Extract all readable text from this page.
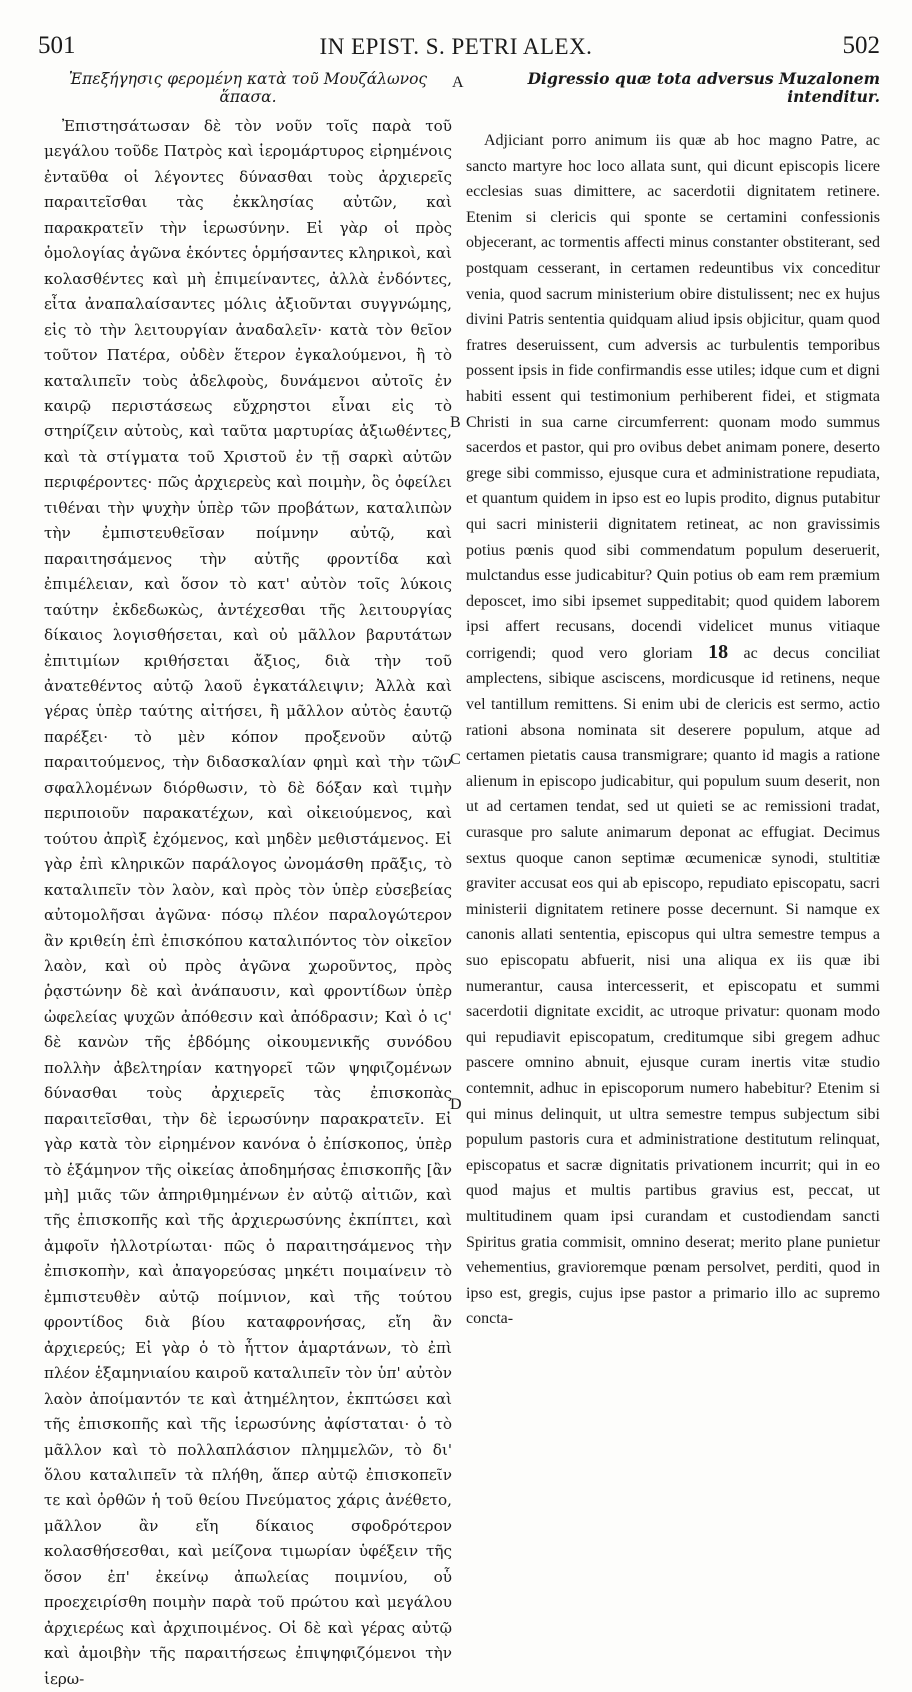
501	IN EPIST. S. PETRI ALEX.	502
A
B
C
D

Ἐπεξήγησις φερομένη κατὰ τοῦ Μουζάλωνος ἅπασα.

Ἐπιστησάτωσαν δὲ τὸν νοῦν τοῖς παρὰ τοῦ μεγάλου τοῦδε Πατρὸς καὶ ἱερομάρτυρος εἰρημένοις ἐνταῦθα οἱ λέγοντες δύνασθαι τοὺς ἀρχιερεῖς παραιτεῖσθαι τὰς ἐκκλησίας αὐτῶν, καὶ παρακρατεῖν τὴν ἱερωσύνην. Εἰ γὰρ οἱ πρὸς ὁμολογίας ἀγῶνα ἑκόντες ὁρμήσαντες κληρικοὶ, καὶ κολασθέντες καὶ μὴ ἐπιμείναντες, ἀλλὰ ἐνδόντες, εἶτα ἀναπαλαίσαντες μόλις ἀξιοῦνται συγγνώμης, εἰς τὸ τὴν λειτουργίαν ἀναδαλεῖν· κατὰ τὸν θεῖον τοῦτον Πατέρα, οὐδὲν ἕτερον ἐγκαλούμενοι, ἢ τὸ καταλιπεῖν τοὺς ἀδελφοὺς, δυνάμενοι αὐτοῖς ἐν καιρῷ περιστάσεως εὔχρηστοι εἶναι εἰς τὸ στηρίζειν αὐτοὺς, καὶ ταῦτα μαρτυρίας ἀξιωθέντες, καὶ τὰ στίγματα τοῦ Χριστοῦ ἐν τῇ σαρκὶ αὐτῶν περιφέροντες· πῶς ἀρχιερεὺς καὶ ποιμὴν, ὃς ὀφείλει τιθέναι τὴν ψυχὴν ὑπὲρ τῶν προβάτων, καταλιπὼν τὴν ἐμπιστευθεῖσαν ποίμνην αὐτῷ, καὶ παραιτησάμενος τὴν αὐτῆς φροντίδα καὶ ἐπιμέλειαν, καὶ ὅσον τὸ κατ' αὐτὸν τοῖς λύκοις ταύτην ἐκδεδωκὼς, ἀντέχεσθαι τῆς λειτουργίας δίκαιος λογισθήσεται, καὶ οὐ μᾶλλον βαρυτάτων ἐπιτιμίων κριθήσεται ἄξιος, διὰ τὴν τοῦ ἀνατεθέντος αὐτῷ λαοῦ ἐγκατάλειψιν; Ἀλλὰ καὶ γέρας ὑπὲρ ταύτης αἰτήσει, ἢ μᾶλλον αὐτὸς ἑαυτῷ παρέξει· τὸ μὲν κόπον προξενοῦν αὐτῷ παραιτούμενος, τὴν διδασκαλίαν φημὶ καὶ τὴν τῶν σφαλλομένων διόρθωσιν, τὸ δὲ δόξαν καὶ τιμὴν περιποιοῦν παρακατέχων, καὶ οἰκειούμενος, καὶ τούτου ἀπρὶξ ἐχόμενος, καὶ μηδὲν μεθιστάμενος. Εἰ γὰρ ἐπὶ κληρικῶν παράλογος ὠνομάσθη πρᾶξις, τὸ καταλιπεῖν τὸν λαὸν, καὶ πρὸς τὸν ὑπὲρ εὐσεβείας αὐτομολῆσαι ἀγῶνα· πόσῳ πλέον παραλογώτερον ἂν κριθείη ἐπὶ ἐπισκόπου καταλιπόντος τὸν οἰκεῖον λαὸν, καὶ οὐ πρὸς ἀγῶνα χωροῦντος, πρὸς ῥᾳστώνην δὲ καὶ ἀνάπαυσιν, καὶ φροντίδων ὑπὲρ ὠφελείας ψυχῶν ἀπόθεσιν καὶ ἀπόδρασιν; Καὶ ὁ ιϛ' δὲ κανὼν τῆς ἑβδόμης οἰκουμενικῆς συνόδου πολλὴν ἀβελτηρίαν κατηγορεῖ τῶν ψηφιζομένων δύνασθαι τοὺς ἀρχιερεῖς τὰς ἐπισκοπὰς παραιτεῖσθαι, τὴν δὲ ἱερωσύνην παρακρατεῖν. Εἰ γὰρ κατὰ τὸν εἰρημένον κανόνα ὁ ἐπίσκοπος, ὑπὲρ τὸ ἑξάμηνον τῆς οἰκείας ἀποδημήσας ἐπισκοπῆς [ἂν μὴ] μιᾶς τῶν ἀπηριθμημένων ἐν αὐτῷ αἰτιῶν, καὶ τῆς ἐπισκοπῆς καὶ τῆς ἀρχιερωσύνης ἐκπίπτει, καὶ ἀμφοῖν ἠλλοτρίωται· πῶς ὁ παραιτησάμενος τὴν ἐπισκοπὴν, καὶ ἀπαγορεύσας μηκέτι ποιμαίνειν τὸ ἐμπιστευθὲν αὐτῷ ποίμνιον, καὶ τῆς τούτου φροντίδος διὰ βίου καταφρονήσας, εἴη ἂν ἀρχιερεύς; Εἰ γὰρ ὁ τὸ ἧττον ἁμαρτάνων, τὸ ἐπὶ πλέον ἑξαμηνιαίου καιροῦ καταλιπεῖν τὸν ὑπ' αὐτὸν λαὸν ἀποίμαντόν τε καὶ ἀτημέλητον, ἐκπτώσει καὶ τῆς ἐπισκοπῆς καὶ τῆς ἱερωσύνης ἀφίσταται· ὁ τὸ μᾶλλον καὶ τὸ πολλαπλάσιον πλημμελῶν, τὸ δι' ὅλου καταλιπεῖν τὰ πλήθη, ἅπερ αὐτῷ ἐπισκοπεῖν τε καὶ ὀρθῶν ἡ τοῦ θείου Πνεύματος χάρις ἀνέθετο, μᾶλλον ἂν εἴη δίκαιος σφοδρότερον κολασθήσεσθαι, καὶ μείζονα τιμωρίαν ὑφέξειν τῆς ὅσον ἐπ' ἐκείνῳ ἀπωλείας ποιμνίου, οὗ προεχειρίσθη ποιμὴν παρὰ τοῦ πρώτου καὶ μεγάλου ἀρχιερέως καὶ ἀρχιποιμένος. Οἱ δὲ καὶ γέρας αὐτῷ καὶ ἀμοιβὴν τῆς παραιτήσεως ἐπιψηφιζόμενοι τὴν ἱερω-

Digressio quæ tota adversus Muzalonem intenditur.

Adjiciant porro animum iis quæ ab hoc magno Patre, ac sancto martyre hoc loco allata sunt, qui dicunt episcopis licere ecclesias suas dimittere, ac sacerdotii dignitatem retinere. Etenim si clericis qui sponte se certamini confessionis objecerant, ac tormentis affecti minus constanter obstiterant, sed postquam cesserant, in certamen redeuntibus vix conceditur venia, quod sacrum ministerium obire distulissent; nec ex hujus divini Patris sententia quidquam aliud ipsis objicitur, quam quod fratres deseruissent, cum adversis ac turbulentis temporibus possent ipsis in fide confirmandis esse utiles; idque cum et digni habiti essent qui testimonium perhiberent fidei, et stigmata Christi in sua carne circumferrent: quonam modo summus sacerdos et pastor, qui pro ovibus debet animam ponere, deserto grege sibi commisso, ejusque cura et administratione repudiata, et quantum quidem in ipso est eo lupis prodito, dignus putabitur qui sacri ministerii dignitatem retineat, ac non gravissimis potius pœnis quod sibi commendatum populum deseruerit, mulctandus esse judicabitur? Quin potius ob eam rem præmium deposcet, imo sibi ipsemet suppeditabit; quod quidem laborem ipsi affert recusans, docendi videlicet munus vitiaque corrigendi; quod vero gloriam 18 ac decus conciliat amplectens, sibique asciscens, mordicusque id retinens, neque vel tantillum remittens. Si enim ubi de clericis est sermo, actio rationi absona nominata sit deserere populum, atque ad certamen pietatis causa transmigrare; quanto id magis a ratione alienum in episcopo judicabitur, qui populum suum deserit, non ut ad certamen tendat, sed ut quieti se ac remissioni tradat, curasque pro salute animarum deponat ac effugiat. Decimus sextus quoque canon septimæ œcumenicæ synodi, stultitiæ graviter accusat eos qui ab episcopo, repudiato episcopatu, sacri ministerii dignitatem retinere posse decernunt. Si namque ex canonis allati sententia, episcopus qui ultra semestre tempus a suo episcopatu abfuerit, nisi una aliqua ex iis quæ ibi numerantur, causa intercesserit, et episcopatu et summi sacerdotii dignitate excidit, ac utroque privatur: quonam modo qui repudiavit episcopatum, creditumque sibi gregem adhuc pascere omnino abnuit, ejusque curam inertis vitæ studio contemnit, adhuc in episcoporum numero habebitur? Etenim si qui minus delinquit, ut ultra semestre tempus subjectum sibi populum pastoris cura et administratione destitutum relinquat, episcopatus et sacræ dignitatis privationem incurrit; qui in eo quod majus et multis partibus gravius est, peccat, ut multitudinem quam ipsi curandam et custodiendam sancti Spiritus gratia commisit, omnino deserat; merito plane punietur vehementius, gravioremque pœnam persolvet, perditi, quod in ipso est, gregis, cujus ipse pastor a primario illo ac supremo concta-
